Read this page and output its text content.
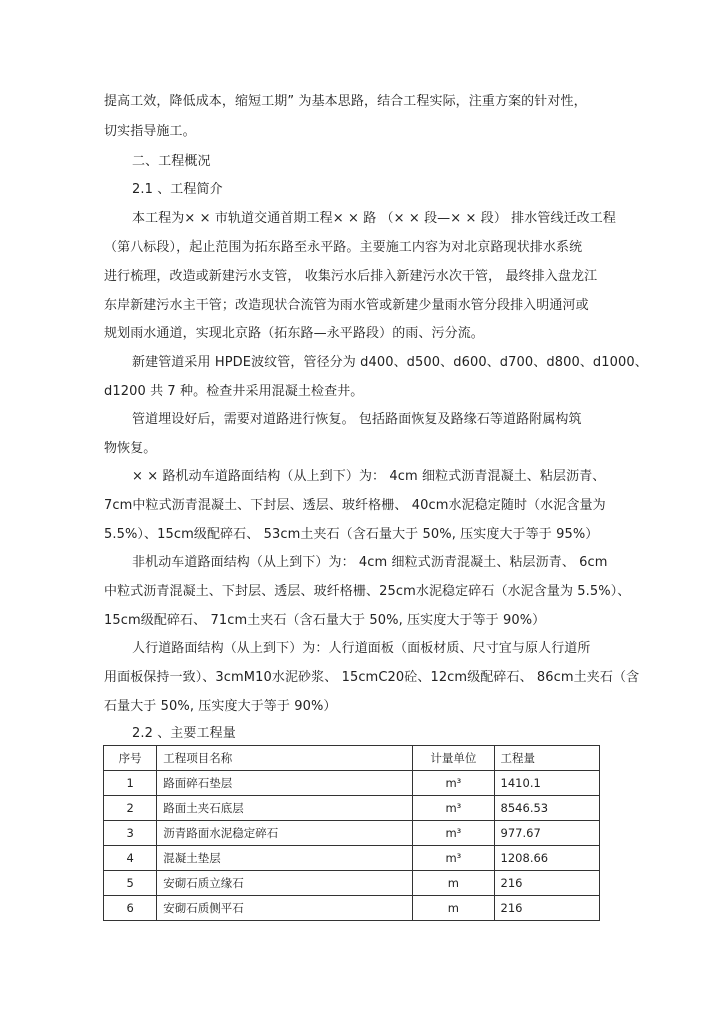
提高工效，降低成本，缩短工期” 为基本思路，结合工程实际，注重方案的针对性，
切实指导施工。
二、工程概况
2.1 、工程简介
本工程为× × 市轨道交通首期工程× × 路 （× × 段—× × 段） 排水管线迁改工程
（第八标段），起止范围为拓东路至永平路。主要施工内容为对北京路现状排水系统
进行梳理，改造或新建污水支管， 收集污水后排入新建污水次干管， 最终排入盘龙江
东岸新建污水主干管；改造现状合流管为雨水管或新建少量雨水管分段排入明通河或
规划雨水通道，实现北京路（拓东路—永平路段）的雨、污分流。
新建管道采用 HPDE波纹管，管径分为 d400、d500、d600、d700、d800、d1000、
d1200 共 7 种。检查井采用混凝土检查井。
管道埋设好后，需要对道路进行恢复。 包括路面恢复及路缘石等道路附属构筑
物恢复。
× × 路机动车道路面结构（从上到下）为： 4cm 细粒式沥青混凝土、粘层沥青、
7cm中粒式沥青混凝土、下封层、透层、玻纤格栅、 40cm水泥稳定随时（水泥含量为
5.5%）、15cm级配碎石、 53cm土夹石（含石量大于 50%, 压实度大于等于 95%）
非机动车道路面结构（从上到下）为： 4cm 细粒式沥青混凝土、粘层沥青、 6cm
中粒式沥青混凝土、下封层、透层、玻纤格栅、25cm水泥稳定碎石（水泥含量为 5.5%）、
15cm级配碎石、 71cm土夹石（含石量大于 50%, 压实度大于等于 90%）
人行道路面结构（从上到下）为：人行道面板（面板材质、尺寸宜与原人行道所
用面板保持一致）、3cmM10水泥砂浆、 15cmC20砼、12cm级配碎石、 86cm土夹石（含
石量大于 50%, 压实度大于等于 90%）
2.2 、主要工程量
序号	工程项目名称	计量单位	工程量
1	路面碎石垫层	m³	1410.1
2	路面土夹石底层	m³	8546.53
3	沥青路面水泥稳定碎石	m³	977.67
4	混凝土垫层	m³	1208.66
5	安砌石质立缘石	m	216
6	安砌石质侧平石	m	216
